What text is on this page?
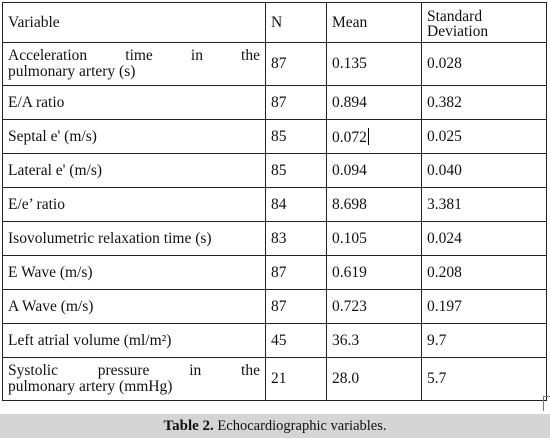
Variable	N	Mean	Standard Deviation

Acceleration time in the
pulmonary artery (s)	87	0.135	0.028
E/A ratio	87	0.894	0.382
Septal e' (m/s)	85	0.072	0.025
Lateral e' (m/s)	85	0.094	0.040
E/e’ ratio	84	8.698	3.381
Isovolumetric relaxation time (s)	83	0.105	0.024
E Wave (m/s)	87	0.619	0.208
A Wave (m/s)	87	0.723	0.197
Left atrial volume (ml/m²)	45	36.3	9.7

Systolic pressure in the
pulmonary artery (mmHg)	21	28.0	5.7
Table 2. Echocardiographic variables.
